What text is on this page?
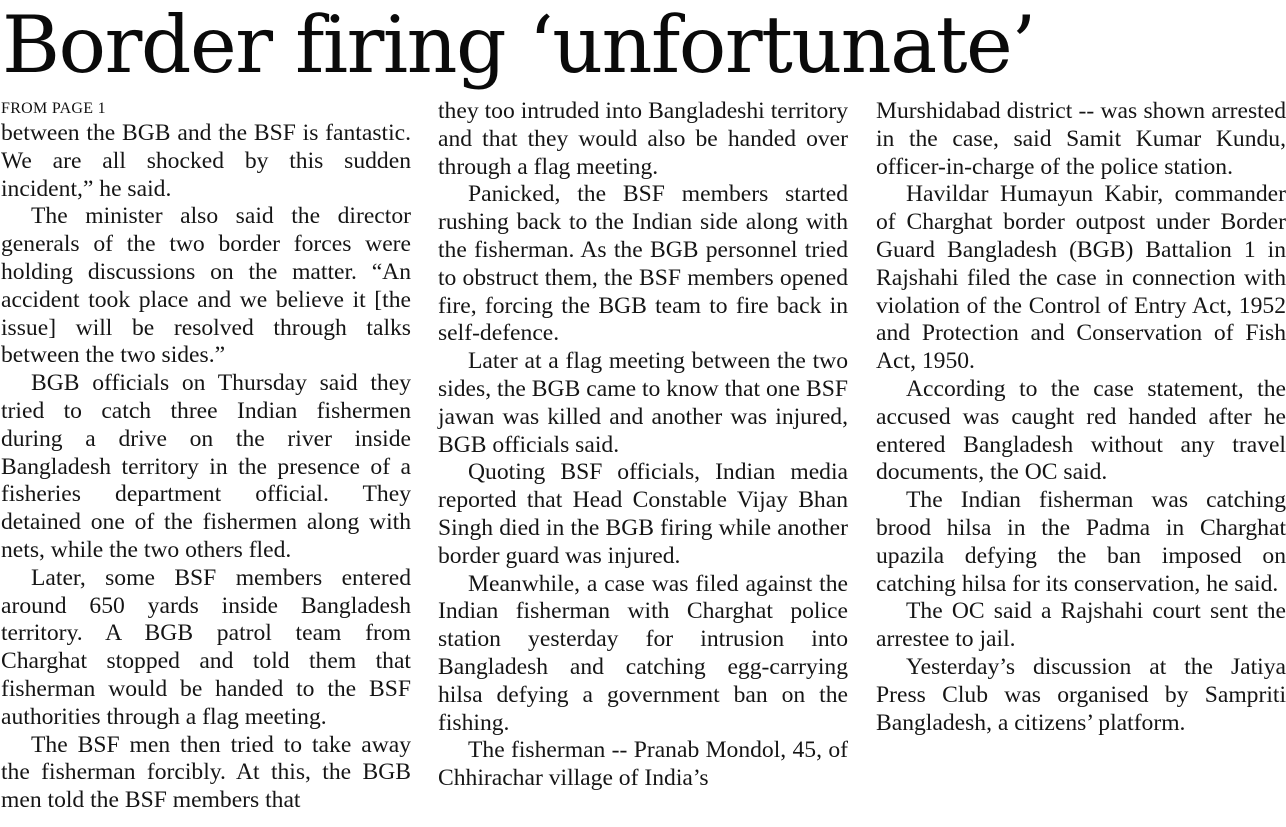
Border firing ‘unfortunate’
FROM PAGE 1

between the BGB and the BSF is fantastic. We are all shocked by this sudden incident,” he said.

The minister also said the director generals of the two border forces were holding discussions on the matter. “An accident took place and we believe it [the issue] will be resolved through talks between the two sides.”

BGB officials on Thursday said they tried to catch three Indian fishermen during a drive on the river inside Bangladesh territory in the presence of a fisheries department official. They detained one of the fishermen along with nets, while the two others fled.

Later, some BSF members entered around 650 yards inside Bangladesh territory. A BGB patrol team from Charghat stopped and told them that fisherman would be handed to the BSF authorities through a flag meeting.

The BSF men then tried to take away the fisherman forcibly. At this, the BGB men told the BSF members that

they too intruded into Bangladeshi territory and that they would also be handed over through a flag meeting.

Panicked, the BSF members started rushing back to the Indian side along with the fisherman. As the BGB personnel tried to obstruct them, the BSF members opened fire, forcing the BGB team to fire back in self-defence.

Later at a flag meeting between the two sides, the BGB came to know that one BSF jawan was killed and another was injured, BGB officials said.

Quoting BSF officials, Indian media reported that Head Constable Vijay Bhan Singh died in the BGB firing while another border guard was injured.

Meanwhile, a case was filed against the Indian fisherman with Charghat police station yesterday for intrusion into Bangladesh and catching egg-carrying hilsa defying a government ban on the fishing.

The fisherman -- Pranab Mondol, 45, of Chhirachar village of India’s

Murshidabad district -- was shown arrested in the case, said Samit Kumar Kundu, officer-in-charge of the police station.

Havildar Humayun Kabir, commander of Charghat border outpost under Border Guard Bangladesh (BGB) Battalion 1 in Rajshahi filed the case in connection with violation of the Control of Entry Act, 1952 and Protection and Conservation of Fish Act, 1950.

According to the case statement, the accused was caught red handed after he entered Bangladesh without any travel documents, the OC said.

The Indian fisherman was catching brood hilsa in the Padma in Charghat upazila defying the ban imposed on catching hilsa for its conservation, he said.

The OC said a Rajshahi court sent the arrestee to jail.

Yesterday’s discussion at the Jatiya Press Club was organised by Sampriti Bangladesh, a citizens’ platform.
